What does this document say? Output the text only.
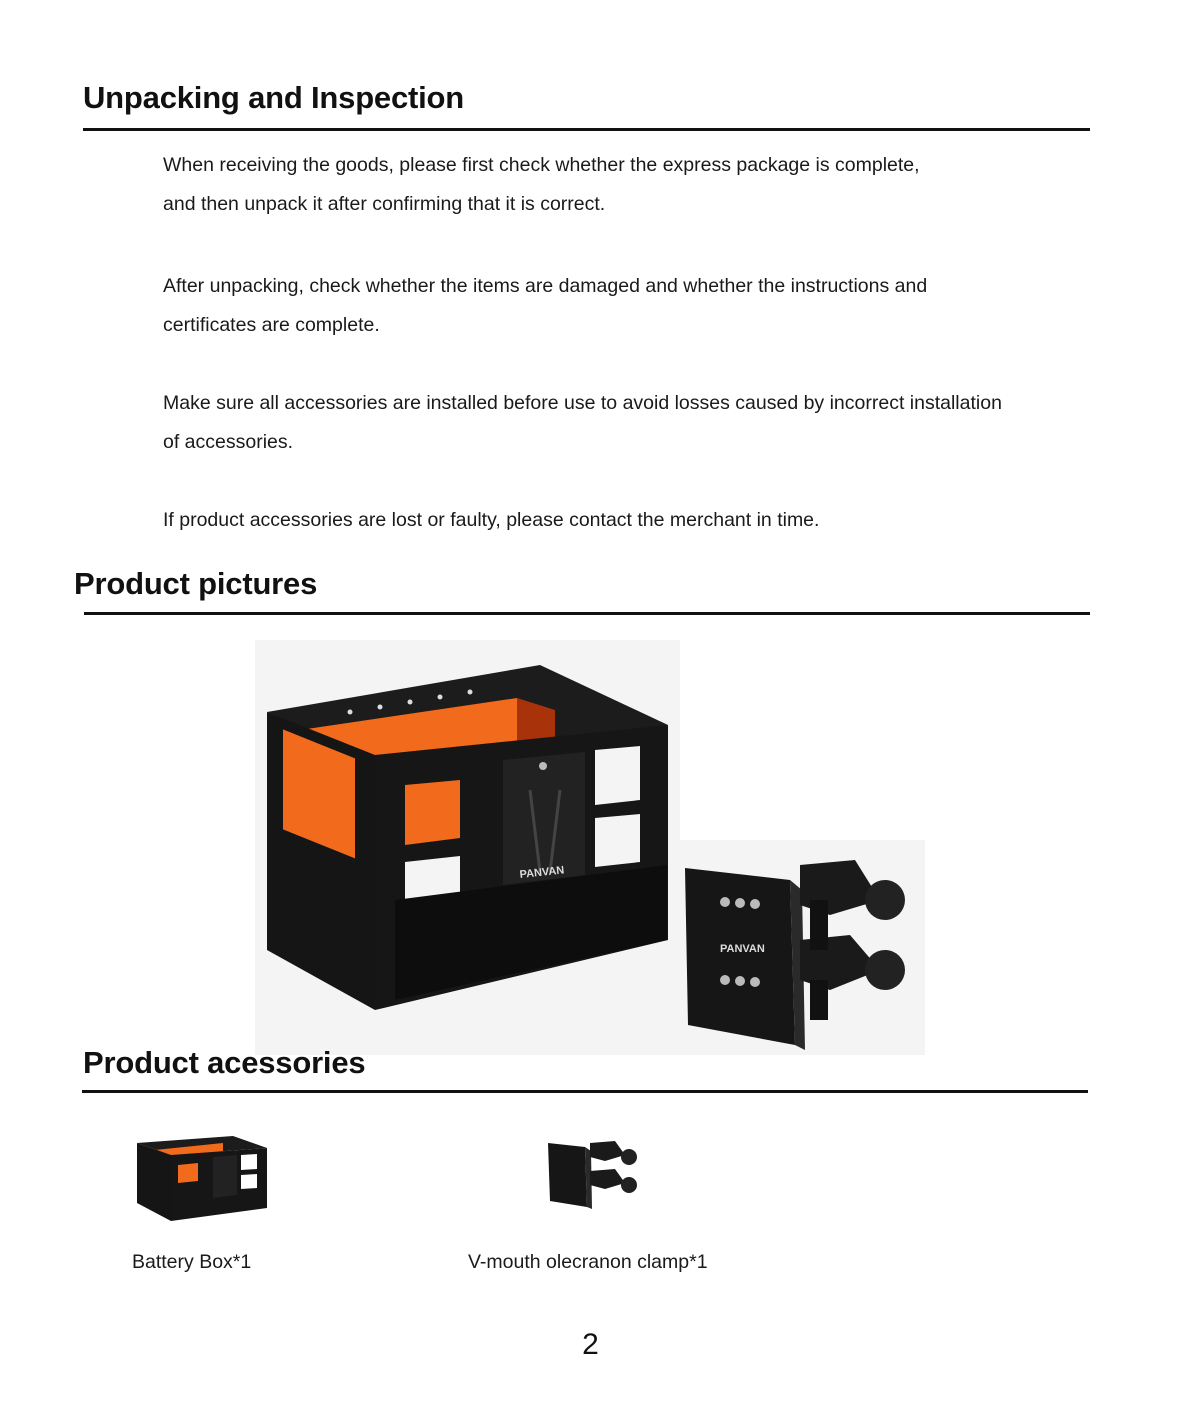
Unpacking and Inspection

When receiving the goods, please first check whether the express package is complete,
and then unpack it after confirming that it is correct.

After unpacking, check whether the items are damaged and whether the instructions and
certificates are complete.

Make sure all accessories are installed before use to avoid losses caused by incorrect installation
of accessories.

If product accessories are lost or faulty, please contact the merchant in time.

Product pictures
PANVAN
PANVAN
Product acessories
Battery Box*1	V-mouth olecranon clamp*1
2
